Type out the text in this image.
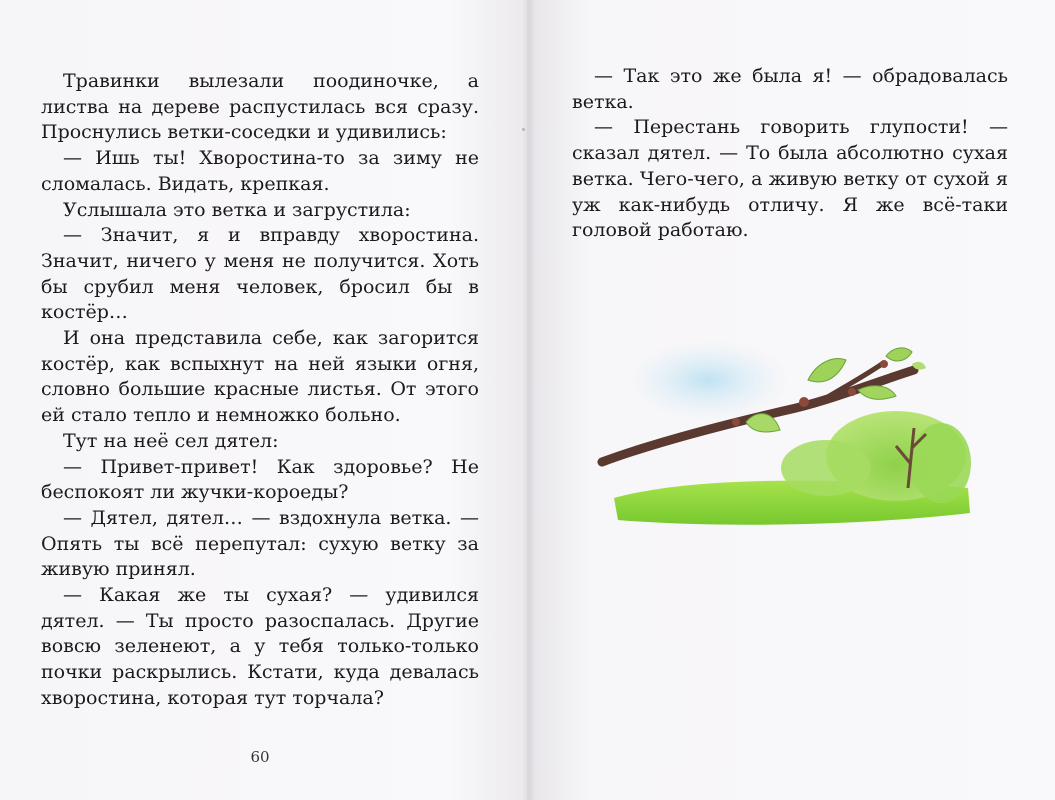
Травинки вылезали поодиночке, а листва на дереве распустилась вся сразу. Проснулись ветки-соседки и удивились:

— Ишь ты! Хворостина-то за зиму не сломалась. Видать, крепкая.

Услышала это ветка и загрустила:

— Значит, я и вправду хворостина. Значит, ничего у меня не получится. Хоть бы срубил меня человек, бросил бы в костёр…

И она представила себе, как загорится костёр, как вспыхнут на ней языки огня, словно большие красные листья. От этого ей стало тепло и немножко больно.

Тут на неё сел дятел:

— Привет-привет! Как здоровье? Не беспокоят ли жучки-короеды?

— Дятел, дятел… — вздохнула ветка. — Опять ты всё перепутал: сухую ветку за живую принял.

— Какая же ты сухая? — удивился дятел. — Ты просто разоспалась. Другие вовсю зеленеют, а у тебя только-только почки раскрылись. Кстати, куда девалась хворостина, которая тут торчала?

60

— Так это же была я! — обрадовалась ветка.

— Перестань говорить глупости! — сказал дятел. — То была абсолютно сухая ветка. Чего-чего, а живую ветку от сухой я уж как-нибудь отличу. Я же всё-таки головой работаю.
